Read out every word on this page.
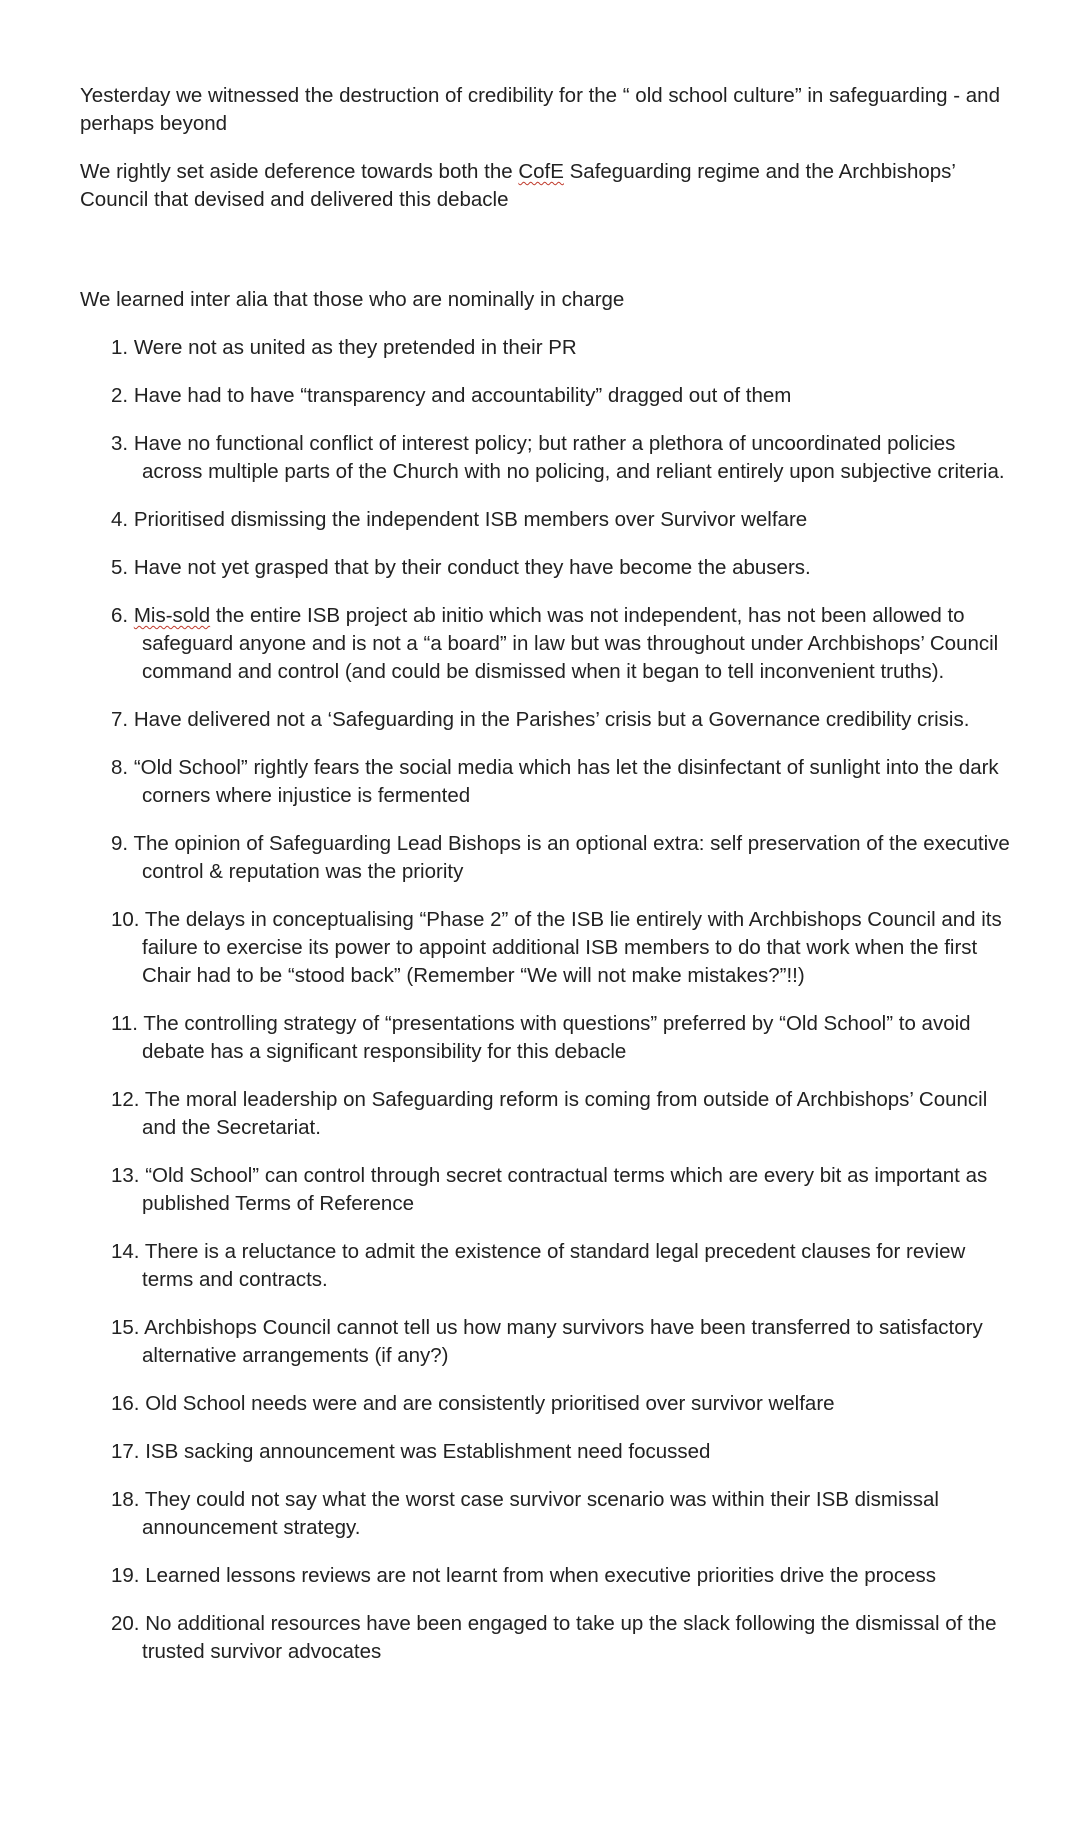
Yesterday we witnessed the destruction of credibility for the “ old school culture” in safeguarding - and perhaps beyond

We rightly set aside deference towards both the CofE Safeguarding regime and the Archbishops’ Council that devised and delivered this debacle

We learned inter alia that those who are nominally in charge

1. Were not as united as they pretended in their PR
2. Have had to have “transparency and accountability” dragged out of them
3. Have no functional conflict of interest policy; but rather a plethora of uncoordinated policies across multiple parts of the Church with no policing, and reliant entirely upon subjective criteria.
4. Prioritised dismissing the independent ISB members over Survivor welfare
5. Have not yet grasped that by their conduct they have become the abusers.
6. Mis-sold the entire ISB project ab initio which was not independent, has not been allowed to safeguard anyone and is not a “a board” in law but was throughout under Archbishops’ Council command and control (and could be dismissed when it began to tell inconvenient truths).
7. Have delivered not a ‘Safeguarding in the Parishes’ crisis but a Governance credibility crisis.
8. “Old School” rightly fears the social media which has let the disinfectant of sunlight into the dark corners where injustice is fermented
9. The opinion of Safeguarding Lead Bishops is an optional extra: self preservation of the executive control & reputation was the priority
10. The delays in conceptualising “Phase 2” of the ISB lie entirely with Archbishops Council and its failure to exercise its power to appoint additional ISB members to do that work when the first Chair had to be “stood back” (Remember “We will not make mistakes?”!!)
11. The controlling strategy of “presentations with questions” preferred by “Old School” to avoid debate has a significant responsibility for this debacle
12. The moral leadership on Safeguarding reform is coming from outside of Archbishops’ Council and the Secretariat.
13. “Old School” can control through secret contractual terms which are every bit as important as published Terms of Reference
14. There is a reluctance to admit the existence of standard legal precedent clauses for review terms and contracts.
15. Archbishops Council cannot tell us how many survivors have been transferred to satisfactory alternative arrangements (if any?)
16. Old School needs were and are consistently prioritised over survivor welfare
17. ISB sacking announcement was Establishment need focussed
18. They could not say what the worst case survivor scenario was within their ISB dismissal announcement strategy.
19. Learned lessons reviews are not learnt from when executive priorities drive the process
20. No additional resources have been engaged to take up the slack following the dismissal of the trusted survivor advocates
